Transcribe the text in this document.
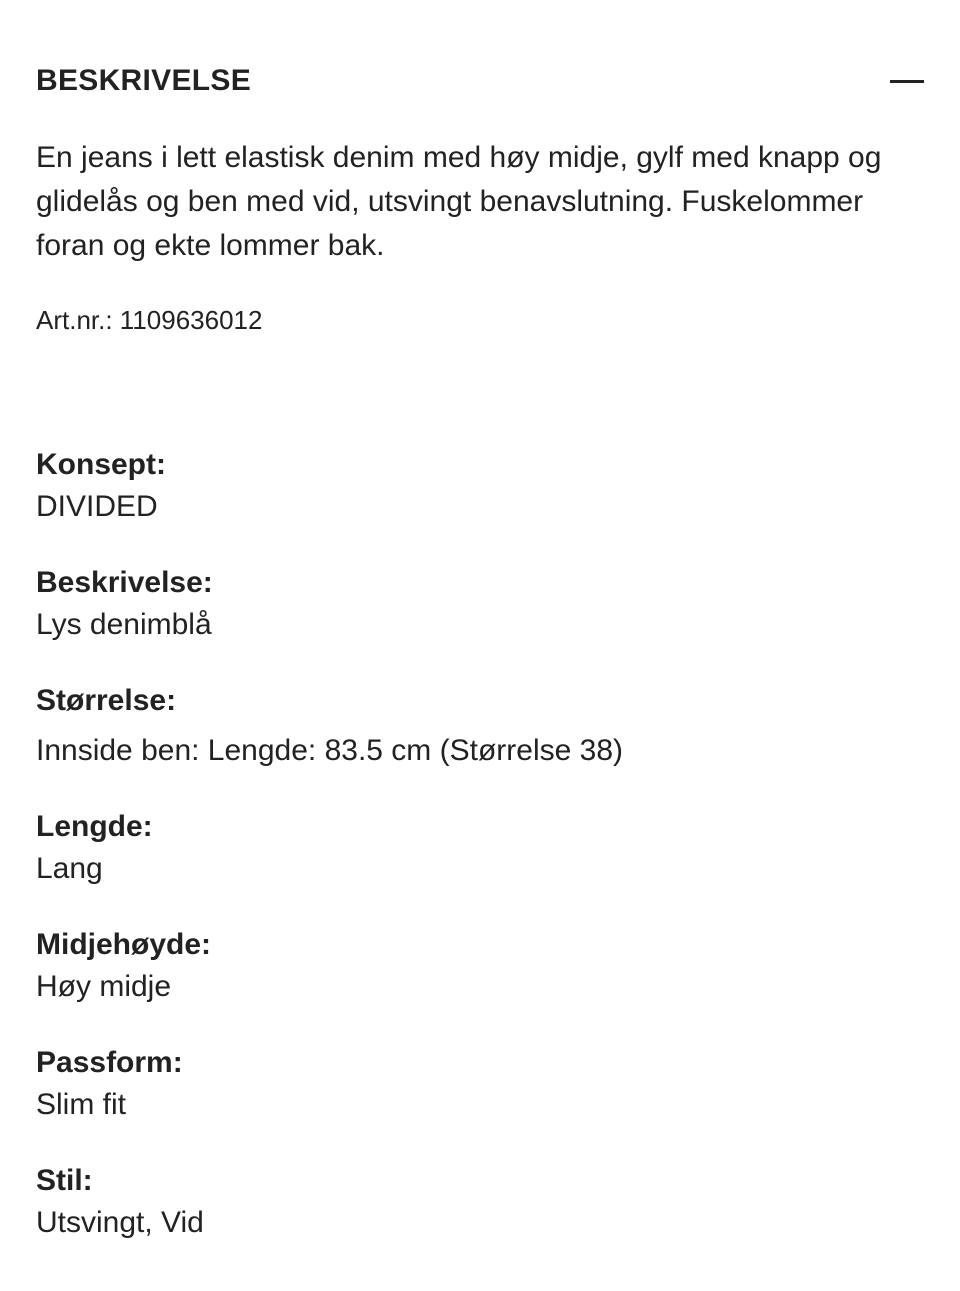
BESKRIVELSE

En jeans i lett elastisk denim med høy midje, gylf med knapp og glidelås og ben med vid, utsvingt benavslutning. Fuskelommer foran og ekte lommer bak.

Art.nr.: 1109636012

Konsept:
DIVIDED
Beskrivelse:
Lys denimblå
Størrelse:
Innside ben: Lengde: 83.5 cm (Størrelse 38)
Lengde:
Lang
Midjehøyde:
Høy midje
Passform:
Slim fit
Stil:
Utsvingt, Vid
